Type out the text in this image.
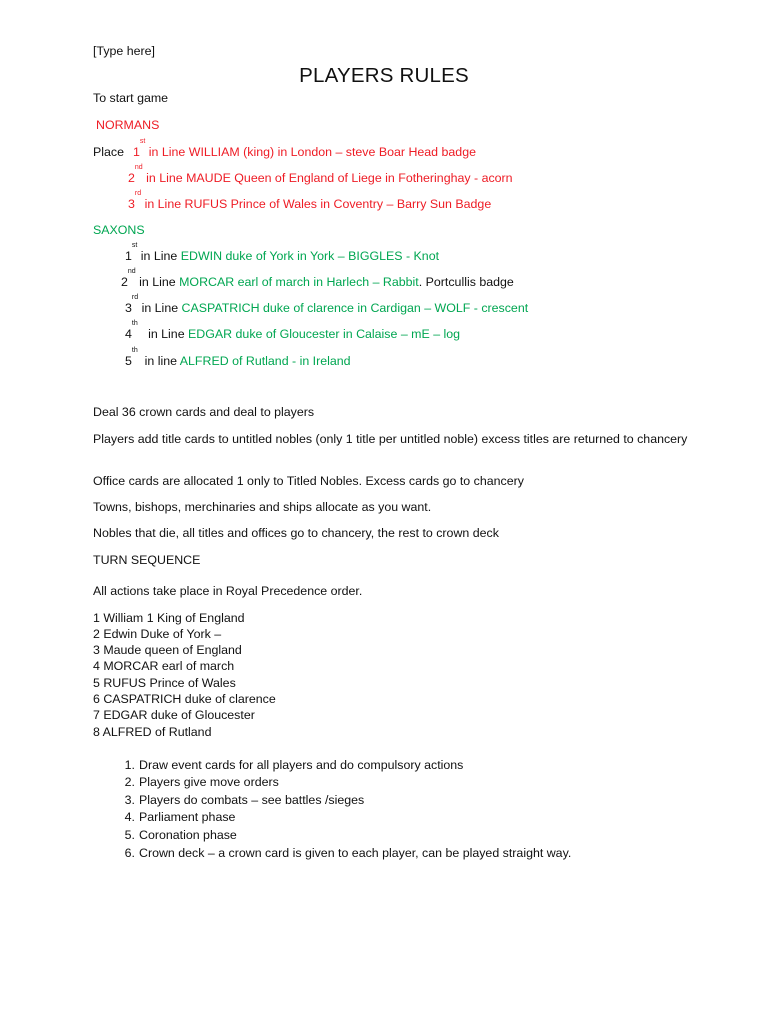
[Type here]
PLAYERS RULES
To start game
NORMANS
Place 1st in Line WILLIAM (king) in London – steve Boar Head badge
2nd in Line MAUDE Queen of England of Liege in Fotheringhay - acorn
3rd in Line RUFUS Prince of Wales in Coventry – Barry Sun Badge
SAXONS
1st in Line EDWIN duke of York in York – BIGGLES - Knot
2nd in Line MORCAR earl of march in Harlech – Rabbit. Portcullis badge
3rd in Line CASPATRICH duke of clarence in Cardigan – WOLF - crescent
4th   in Line EDGAR duke of Gloucester in Calaise – mE – log
5th  in line ALFRED of Rutland - in Ireland
Deal 36 crown cards and deal to players
Players add title cards to untitled nobles (only 1 title per untitled noble) excess titles are returned to chancery
Office cards are allocated 1 only to Titled Nobles. Excess cards go to chancery
Towns, bishops, merchinaries and ships allocate as you want.
Nobles that die, all titles and offices go to chancery, the rest to crown deck
TURN SEQUENCE
All actions take place in Royal Precedence order.
1 William 1 King of England
2 Edwin Duke of York –
3 Maude queen of England
4 MORCAR earl of march
5 RUFUS Prince of Wales
6 CASPATRICH duke of clarence
7 EDGAR duke of Gloucester
8 ALFRED of Rutland
1. Draw event cards for all players and do compulsory actions
2. Players give move orders
3. Players do combats – see battles /sieges
4. Parliament phase
5. Coronation phase
6. Crown deck – a crown card is given to each player, can be played straight way.
